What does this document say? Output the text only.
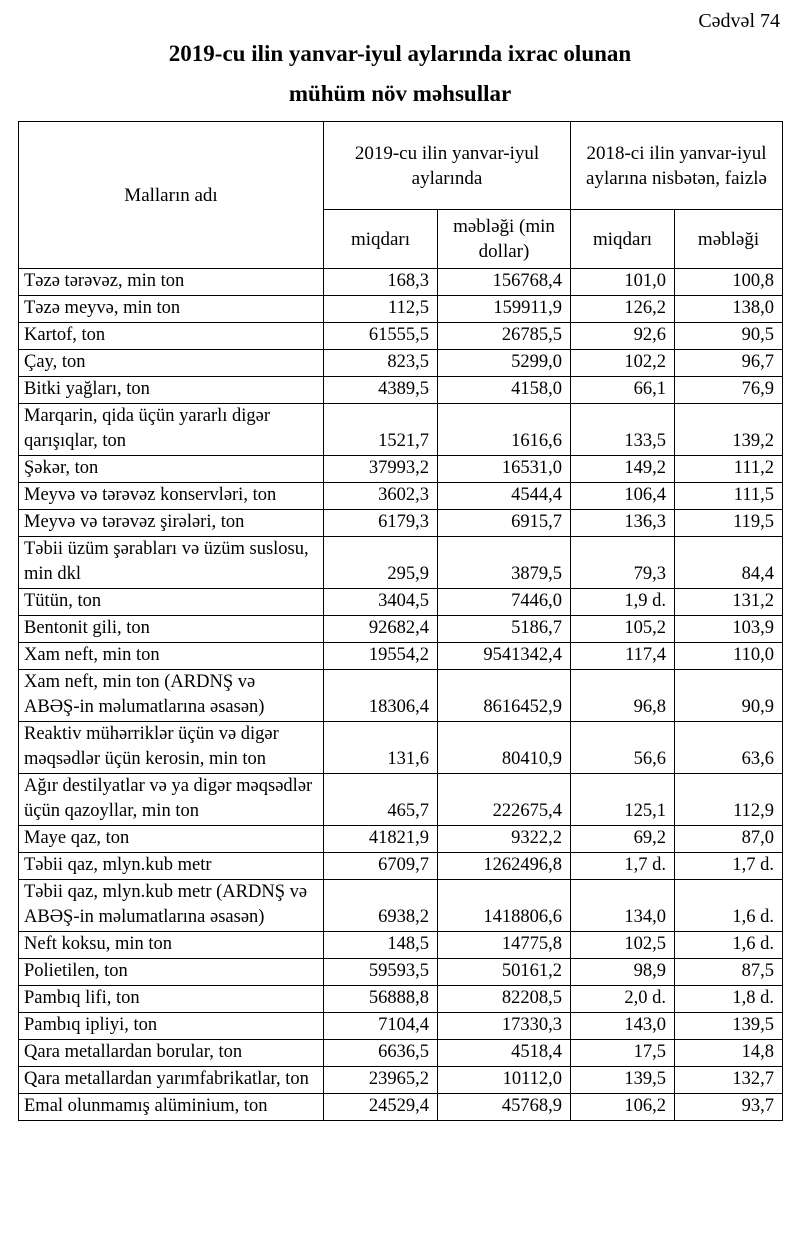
Cədvəl 74
2019-cu ilin yanvar-iyul aylarında ixrac olunan
mühüm növ məhsullar
Malların adı	2019-cu ilin yanvar-iyul aylarında		2018-ci ilin yanvar-iyul aylarına nisbətən, faizlə	
	miqdarı	məbləği (min dollar)	miqdarı	məbləği
Təzə tərəvəz, min ton	168,3	156768,4	101,0	100,8
Təzə meyvə, min ton	112,5	159911,9	126,2	138,0
Kartof, ton	61555,5	26785,5	92,6	90,5
Çay, ton	823,5	5299,0	102,2	96,7
Bitki yağları, ton	4389,5	4158,0	66,1	76,9
Marqarin, qida üçün yararlı digər qarışıqlar, ton	1521,7	1616,6	133,5	139,2
Şəkər, ton	37993,2	16531,0	149,2	111,2
Meyvə və tərəvəz konservləri, ton	3602,3	4544,4	106,4	111,5
Meyvə və tərəvəz şirələri, ton	6179,3	6915,7	136,3	119,5
Təbii üzüm şərabları və üzüm suslosu, min dkl	295,9	3879,5	79,3	84,4
Tütün, ton	3404,5	7446,0	1,9 d.	131,2
Bentonit gili, ton	92682,4	5186,7	105,2	103,9
Xam neft, min ton	19554,2	9541342,4	117,4	110,0
Xam neft, min ton (ARDNŞ və ABƏŞ-in məlumatlarına əsasən)	18306,4	8616452,9	96,8	90,9
Reaktiv mühərriklər üçün və digər məqsədlər üçün kerosin, min ton	131,6	80410,9	56,6	63,6
Ağır destilyatlar və ya digər məqsədlər üçün qazoyllar, min ton	465,7	222675,4	125,1	112,9
Maye qaz, ton	41821,9	9322,2	69,2	87,0
Təbii qaz, mlyn.kub metr	6709,7	1262496,8	1,7 d.	1,7 d.
Təbii qaz, mlyn.kub metr (ARDNŞ və ABƏŞ-in məlumatlarına əsasən)	6938,2	1418806,6	134,0	1,6 d.
Neft koksu, min ton	148,5	14775,8	102,5	1,6 d.
Polietilen, ton	59593,5	50161,2	98,9	87,5
Pambıq lifi, ton	56888,8	82208,5	2,0 d.	1,8 d.
Pambıq ipliyi, ton	7104,4	17330,3	143,0	139,5
Qara metallardan borular, ton	6636,5	4518,4	17,5	14,8
Qara metallardan yarımfabrikatlar, ton	23965,2	10112,0	139,5	132,7
Emal olunmamış alüminium, ton	24529,4	45768,9	106,2	93,7
